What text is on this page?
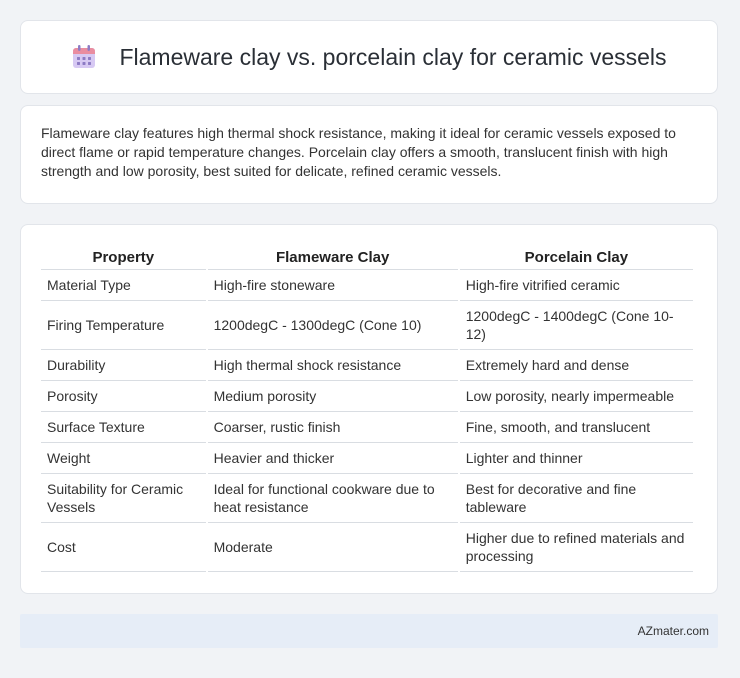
Flameware clay vs. porcelain clay for ceramic vessels

Flameware clay features high thermal shock resistance, making it ideal for ceramic vessels exposed to direct flame or rapid temperature changes. Porcelain clay offers a smooth, translucent finish with high strength and low porosity, best suited for delicate, refined ceramic vessels.

Property	Flameware Clay	Porcelain Clay
Material Type	High-fire stoneware	High-fire vitrified ceramic
Firing Temperature	1200degC - 1300degC (Cone 10)	1200degC - 1400degC (Cone 10-12)
Durability	High thermal shock resistance	Extremely hard and dense
Porosity	Medium porosity	Low porosity, nearly impermeable
Surface Texture	Coarser, rustic finish	Fine, smooth, and translucent
Weight	Heavier and thicker	Lighter and thinner
Suitability for Ceramic Vessels	Ideal for functional cookware due to heat resistance	Best for decorative and fine tableware
Cost	Moderate	Higher due to refined materials and processing
AZmater.com
